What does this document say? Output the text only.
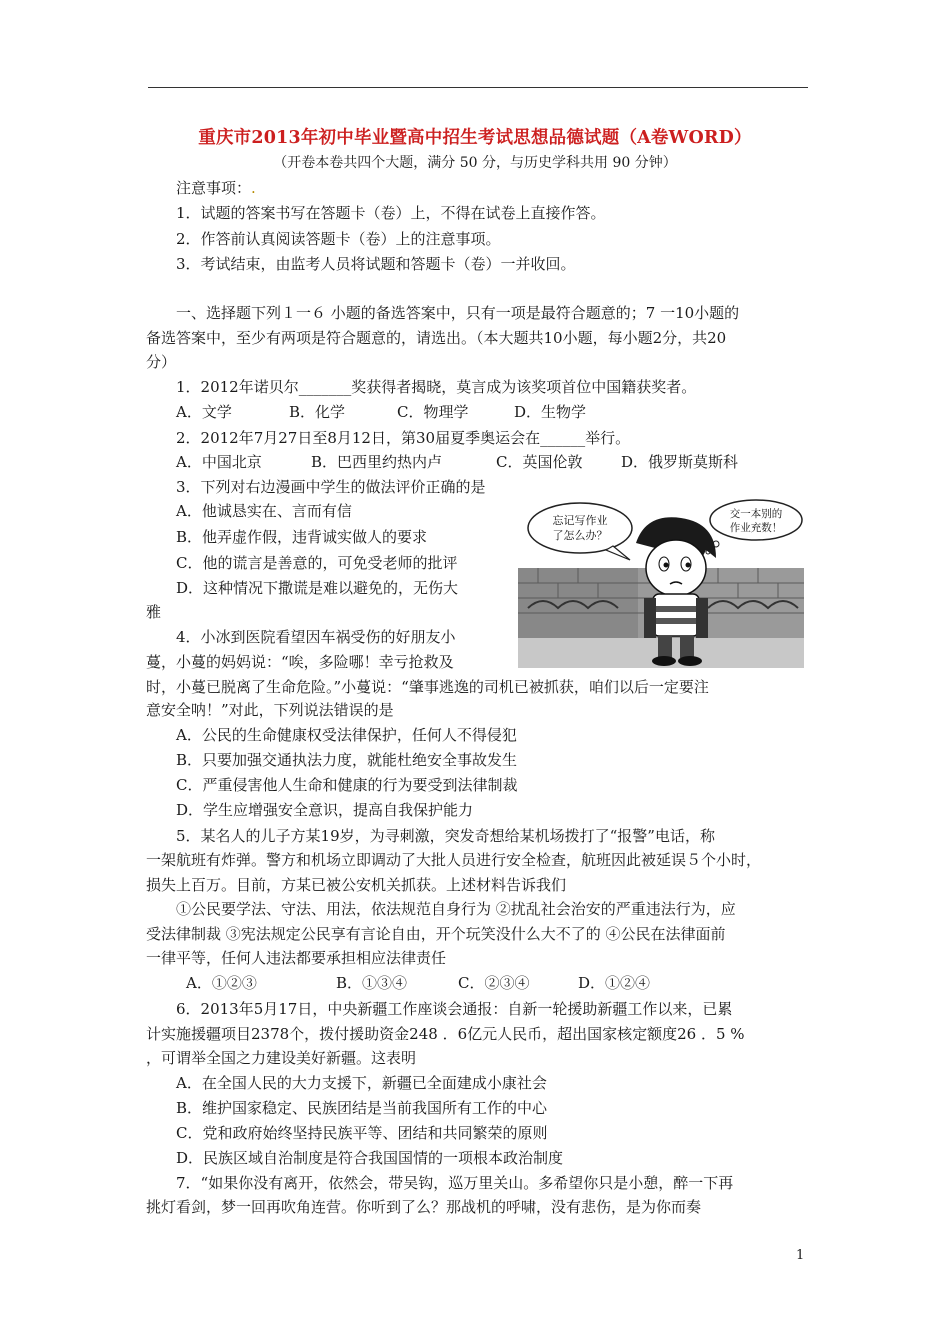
重庆市2013年初中毕业暨高中招生考试思想品德试题（A卷WORD）
（开卷本卷共四个大题，满分 50 分，与历史学科共用 90 分钟）
注意事项：.
1．试题的答案书写在答题卡（卷）上，不得在试卷上直接作答。
2．作答前认真阅读答题卡（卷）上的注意事项。
3．考试结束，由监考人员将试题和答题卡（卷）一并收回。
一、选择题下列１一６ 小题的备选答案中，只有一项是最符合题意的；7 一10小题的
备选答案中，至少有两项是符合题意的，请选出。（本大题共10小题，每小题2分，共20
分）
1．2012年诺贝尔_______奖获得者揭晓，莫言成为该奖项首位中国籍获奖者。
A．文学	B．化学	C．物理学	D．生物学
2．2012年7月27日至8月12日，第30届夏季奥运会在______举行。
A．中国北京	B．巴西里约热内卢	C．英国伦敦	D．俄罗斯莫斯科
3．下列对右边漫画中学生的做法评价正确的是
A．他诚恳实在、言而有信
B．他弄虚作假，违背诚实做人的要求
C．他的谎言是善意的，可免受老师的批评
D．这种情况下撒谎是难以避免的，无伤大
雅
忘记写作业
了怎么办？
交一本别的
作业充数！
4．小冰到医院看望因车祸受伤的好朋友小
蔓，小蔓的妈妈说：“唉，多险哪！幸亏抢救及
时，小蔓已脱离了生命危险。”小蔓说：“肇事逃逸的司机已被抓获，咱们以后一定要注
意安全呐！”对此，下列说法错误的是
A．公民的生命健康权受法律保护，任何人不得侵犯
B．只要加强交通执法力度，就能杜绝安全事故发生
C．严重侵害他人生命和健康的行为要受到法律制裁
D．学生应增强安全意识，提高自我保护能力
5．某名人的儿子方某19岁，为寻刺激，突发奇想给某机场拨打了“报警”电话，称
一架航班有炸弹。警方和机场立即调动了大批人员进行安全检查，航班因此被延误５个小时，
损失上百万。目前，方某已被公安机关抓获。上述材料告诉我们
①公民要学法、守法、用法，依法规范自身行为 ②扰乱社会治安的严重违法行为，应
受法律制裁 ③宪法规定公民享有言论自由，开个玩笑没什么大不了的 ④公民在法律面前
一律平等，任何人违法都要承担相应法律责任
A．①②③	B．①③④	C．②③④	D．①②④
6．2013年5月17日，中央新疆工作座谈会通报：自新一轮援助新疆工作以来，已累
计实施援疆项目2378个，拨付援助资金248 ．6亿元人民币，超出国家核定额度26 ．5 %
，可谓举全国之力建设美好新疆。这表明
A．在全国人民的大力支援下，新疆已全面建成小康社会
B．维护国家稳定、民族团结是当前我国所有工作的中心
C．党和政府始终坚持民族平等、团结和共同繁荣的原则
D．民族区域自治制度是符合我国国情的一项根本政治制度
7．“如果你没有离开，依然会，带吴钩，巡万里关山。多希望你只是小憩，醉一下再
挑灯看剑，梦一回再吹角连营。你听到了么？那战机的呼啸，没有悲伤，是为你而奏
1
